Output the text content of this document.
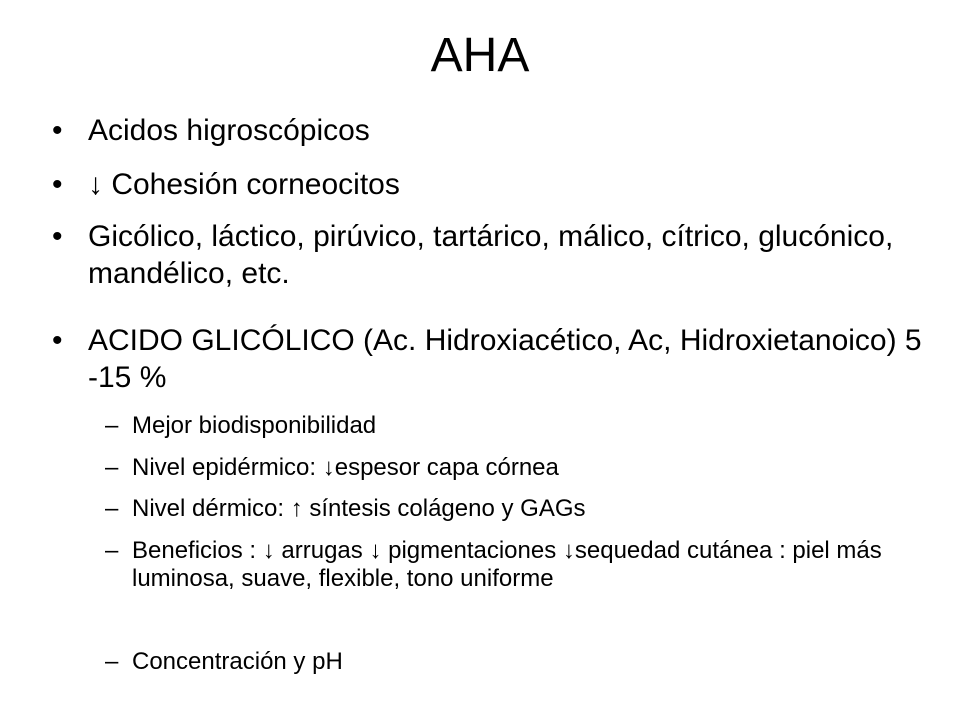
AHA
• Acidos higroscópicos
• ↓ Cohesión corneocitos
• Gicólico, láctico, pirúvico, tartárico, málico, cítrico, glucónico, mandélico, etc.
• ACIDO GLICÓLICO (Ac. Hidroxiacético, Ac, Hidroxietanoico) 5 -15 %
– Mejor biodisponibilidad
– Nivel epidérmico: ↓espesor capa córnea
– Nivel dérmico: ↑ síntesis colágeno y GAGs
– Beneficios : ↓ arrugas ↓ pigmentaciones ↓sequedad cutánea : piel más luminosa, suave, flexible, tono uniforme
– Concentración y pH
